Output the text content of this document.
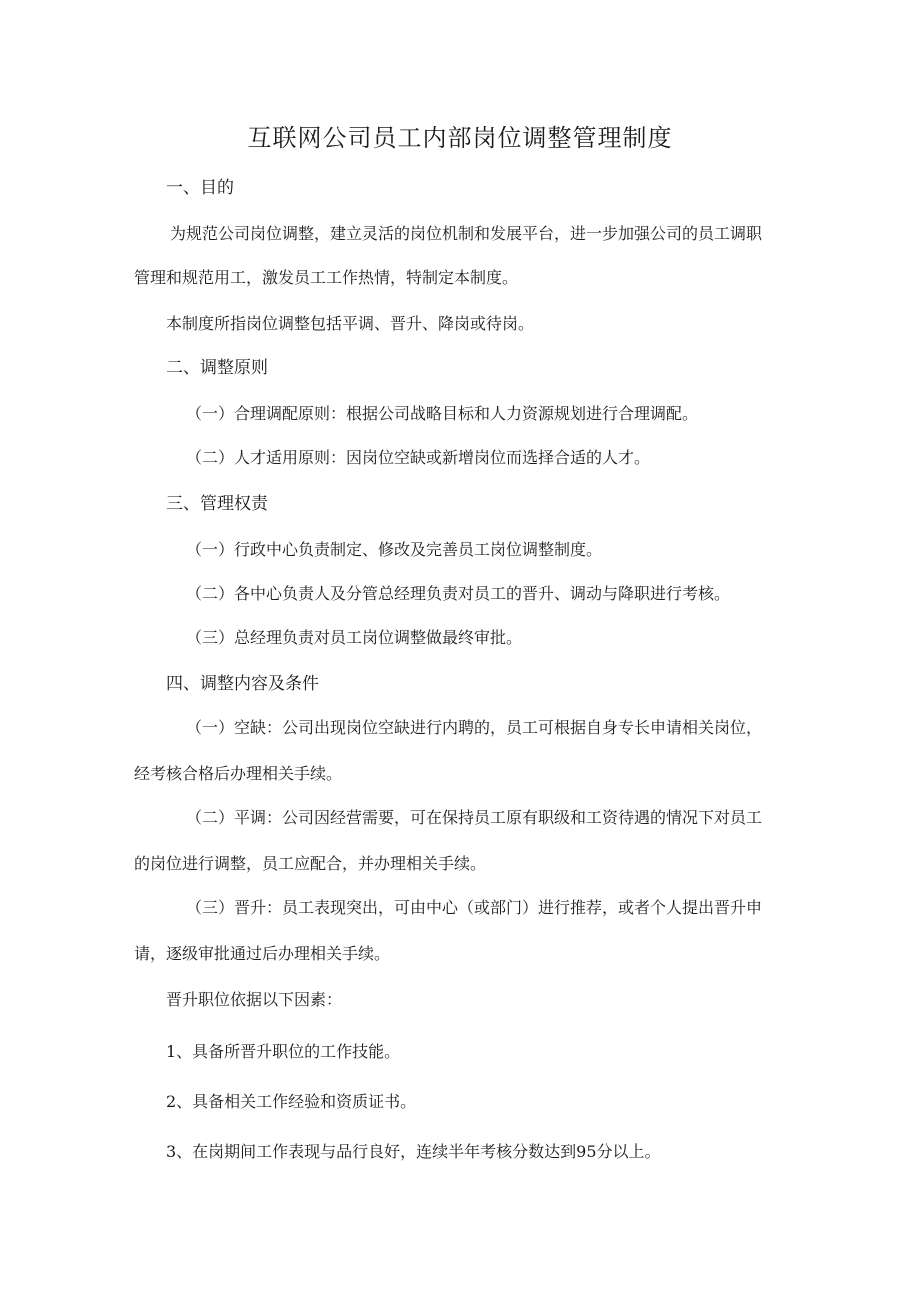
互联网公司员工内部岗位调整管理制度

一、目的

为规范公司岗位调整，建立灵活的岗位机制和发展平台，进一步加强公司的员工调职

管理和规范用工，激发员工工作热情，特制定本制度。

本制度所指岗位调整包括平调、晋升、降岗或待岗。

二、调整原则

（一）合理调配原则：根据公司战略目标和人力资源规划进行合理调配。

（二）人才适用原则：因岗位空缺或新增岗位而选择合适的人才。

三、管理权责

（一）行政中心负责制定、修改及完善员工岗位调整制度。

（二）各中心负责人及分管总经理负责对员工的晋升、调动与降职进行考核。

（三）总经理负责对员工岗位调整做最终审批。

四、调整内容及条件

（一）空缺：公司出现岗位空缺进行内聘的，员工可根据自身专长申请相关岗位，

经考核合格后办理相关手续。

（二）平调：公司因经营需要，可在保持员工原有职级和工资待遇的情况下对员工

的岗位进行调整，员工应配合，并办理相关手续。

（三）晋升：员工表现突出，可由中心（或部门）进行推荐，或者个人提出晋升申

请，逐级审批通过后办理相关手续。

晋升职位依据以下因素：

1、具备所晋升职位的工作技能。

2、具备相关工作经验和资质证书。

3、在岗期间工作表现与品行良好，连续半年考核分数达到95分以上。
